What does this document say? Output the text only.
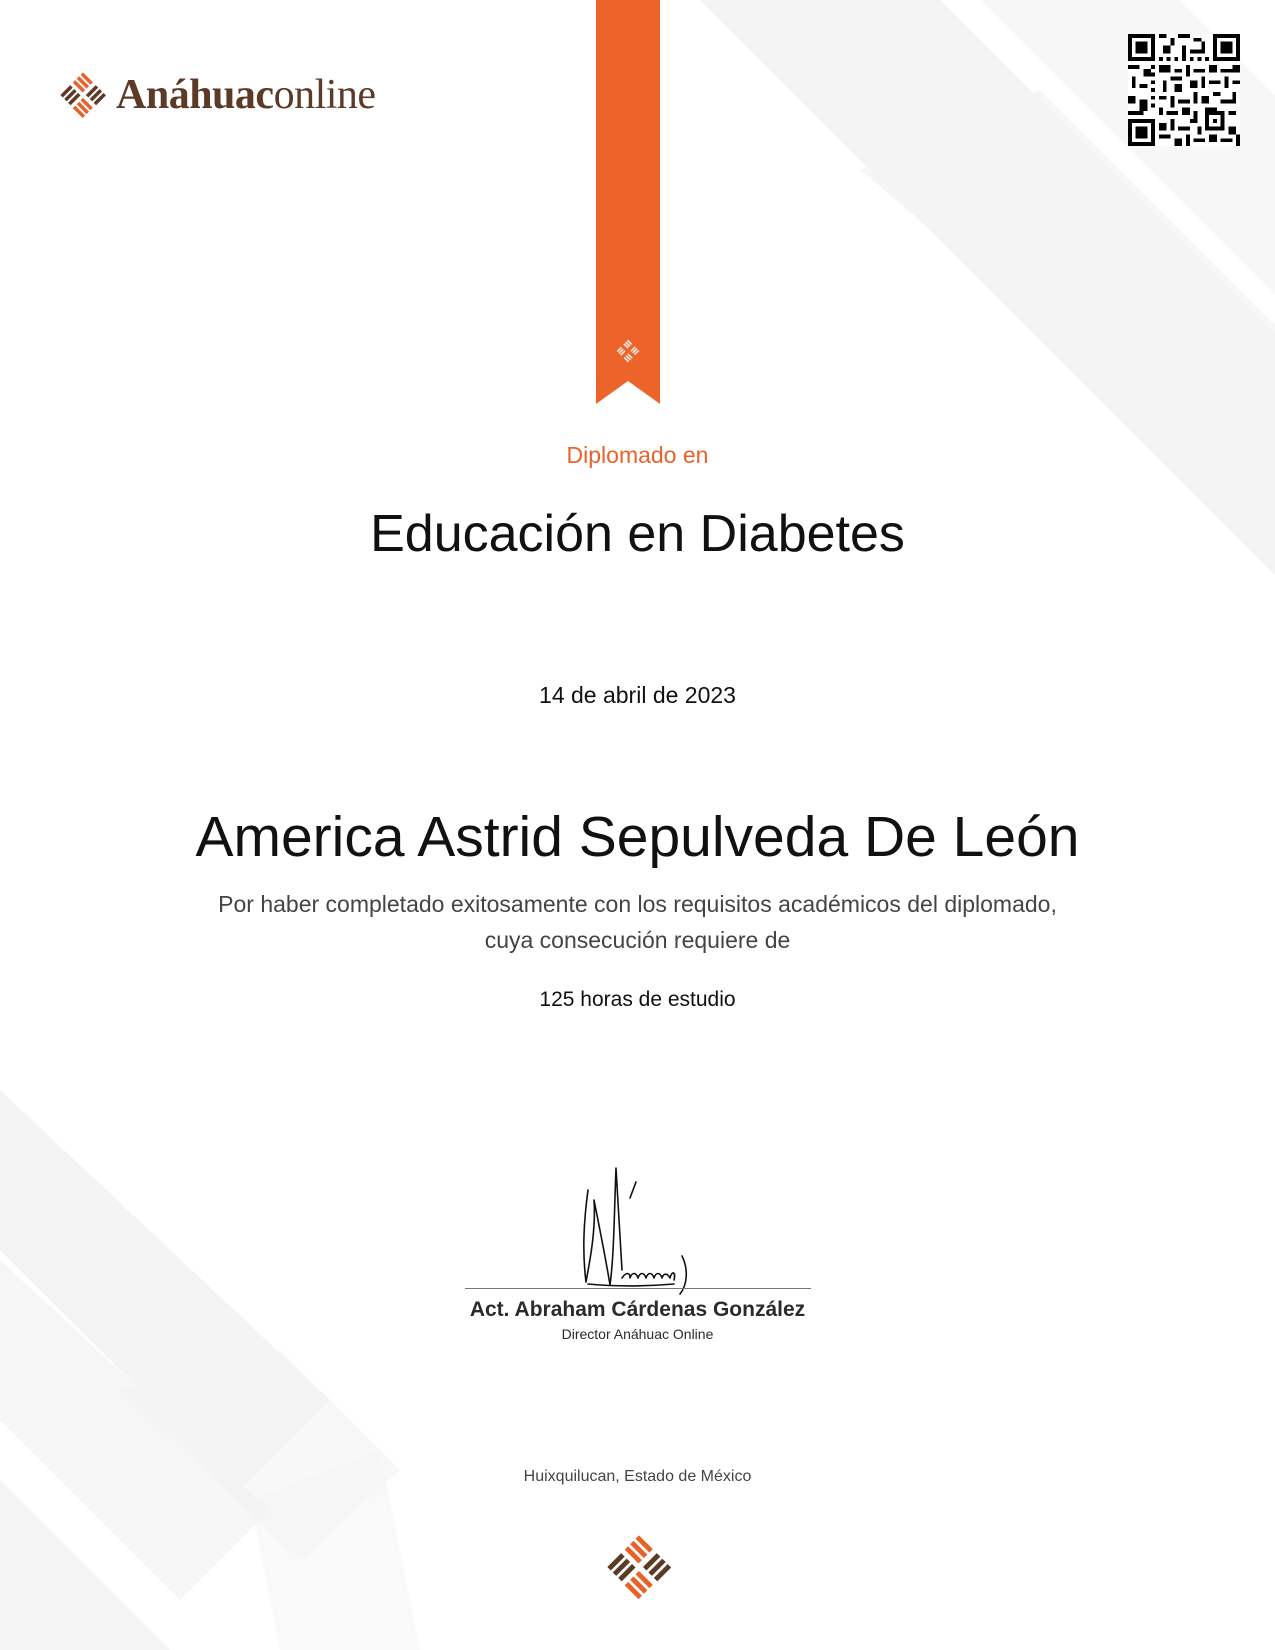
Anáhuaconline
Diplomado en
Educación en Diabetes
14 de abril de 2023
America Astrid Sepulveda De León
Por haber completado exitosamente con los requisitos académicos del diplomado,
cuya consecución requiere de
125 horas de estudio
Act. Abraham Cárdenas González
Director Anáhuac Online
Huixquilucan, Estado de México
